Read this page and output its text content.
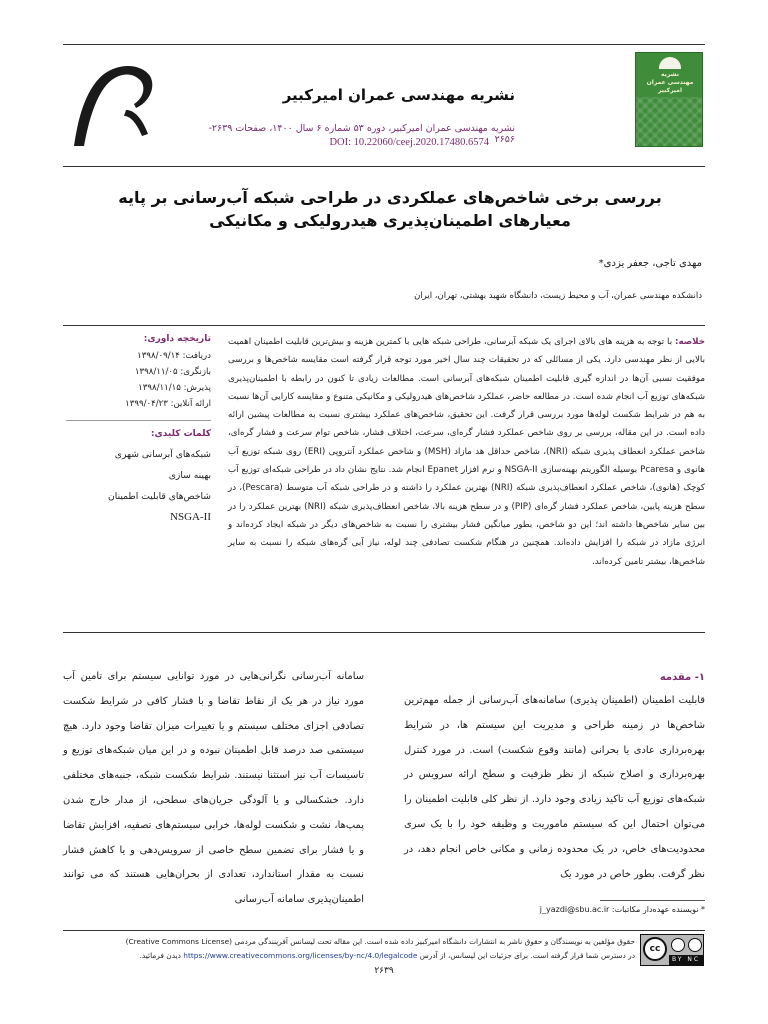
نشریه مهندسی عمران امیرکبیر
نشریه مهندسی عمران امیرکبیر، دوره ۵۳ شماره ۶ سال ۱۴۰۰، صفحات ۲۶۳۹- ۲۶۵۶
DOI: 10.22060/ceej.2020.17480.6574
نشریه
مهندسی عمران
امیرکبیر
بررسی برخی شاخص‌های عملکردی در طراحی شبکه آب‌رسانی بر پایه معیارهای اطمینان‌پذیری هیدرولیکی و مکانیکی
مهدی تاجی، جعفر یزدی*
دانشکده مهندسی عمران، آب و محیط زیست، دانشگاه شهید بهشتی، تهران، ایران
تاریخچه داوری:
دریافت: ۱۳۹۸/۰۹/۱۴
بازنگری: ۱۳۹۸/۱۱/۰۵
پذیرش: ۱۳۹۸/۱۱/۱۵
ارائه آنلاین: ۱۳۹۹/۰۴/۲۳
کلمات کلیدی:
شبکه‌های آبرسانی شهری
بهینه سازی
شاخص‌های قابلیت اطمینان
NSGA-II
خلاصه: با توجه به هزینه های بالای اجرای یک شبکه آبرسانی، طراحی شبکه هایی با کمترین هزینه و بیش‌ترین قابلیت اطمینان اهمیت بالایی از نظر مهندسی دارد. یکی از مسائلی که در تحقیقات چند سال اخیر مورد توجه قرار گرفته است مقایسه شاخص‌ها و بررسی موفقیت نسبی آن‌ها در اندازه گیری قابلیت اطمینان شبکه‌های آبرسانی است. مطالعات زیادی تا کنون در رابطه با اطمینان‌پذیری شبکه‌های توزیع آب انجام شده است. در مطالعه حاضر، عملکرد شاخص‌های هیدرولیکی و مکانیکی متنوع و مقایسه کارایی آن‌ها نسبت به هم در شرایط شکست لوله‌ها مورد بررسی قرار گرفت. این تحقیق، شاخص‌های عملکرد بیشتری نسبت به مطالعات پیشین ارائه داده است. در این مقاله، بررسی بر روی شاخص عملکرد فشار گره‌ای، سرعت، اختلاف فشار، شاخص توام سرعت و فشار گره‌ای، شاخص عملکرد انعطاف پذیری شبکه (NRI)، شاخص حداقل هد مازاد (MSH) و شاخص عملکرد آنتروپی (ERI) روی شبکه توزیع آب هانوی و Pcaresa بوسیله الگوریتم بهینه‌سازی NSGA-II و نرم افزار Epanet انجام شد. نتایج نشان داد در طراحی شبکه‌ای توزیع آب کوچک (هانوی)، شاخص عملکرد انعطاف‌پذیری شبکه (NRI) بهترین عملکرد را داشته و در طراحی شبکه آب متوسط (Pescara)، در سطح هزینه پایین، شاخص عملکرد فشار گره‌ای (PIP) و در سطح هزینه بالا، شاخص انعطاف‌پذیری شبکه (NRI) بهترین عملکرد را در بین سایر شاخص‌ها داشته اند؛ این دو شاخص، بطور میانگین فشار بیشتری را نسبت به شاخص‌های دیگر در شبکه ایجاد کرده‌اند و انرژی مازاد در شبکه را افزایش داده‌اند. همچنین در هنگام شکست تصادفی چند لوله، نیاز آبی گره‌های شبکه را نسبت به سایر شاخص‌ها، بیشتر تامین کرده‌اند.
۱- مقدمه
قابلیت اطمینان (اطمینان پذیری) سامانه‌های آب‌رسانی از جمله مهم‌ترین شاخص‌ها در زمینه طراحی و مدیریت این سیستم ها، در شرایط بهره‌برداری عادی یا بحرانی (مانند وقوع شکست) است. در مورد کنترل بهره‌برداری و اصلاح شبکه از نظر ظرفیت و سطح ارائه سرویس در شبکه‌های توزیع آب تاکید زیادی وجود دارد. از نظر کلی قابلیت اطمینان را می‌توان احتمال این که سیستم ماموریت و وظیفه خود را با یک سری محدودیت‌های خاص، در یک محدوده زمانی و مکانی خاص انجام دهد، در نظر گرفت. بطور خاص در مورد یک
سامانه آب‌رسانی نگرانی‌هایی در مورد توانایی سیستم برای تامین آب مورد نیاز در هر یک از نقاط تقاضا و با فشار کافی در شرایط شکست تصادفی اجزای مختلف سیستم و یا تغییرات میزان تقاضا وجود دارد. هیچ سیستمی صد درصد قابل اطمینان نبوده و در این میان شبکه‌های توزیع و تاسیسات آب نیز استثنا نیستند. شرایط شکست شبکه، جنبه‌های مختلفی دارد. خشکسالی و یا آلودگی جریان‌های سطحی، از مدار خارج شدن پمپ‌ها، نشت و شکست لوله‌ها، خرابی سیستم‌های تصفیه، افزایش تقاضا و یا فشار برای تضمین سطح خاصی از سرویس‌دهی و یا کاهش فشار نسبت به مقدار استاندارد، تعدادی از بحران‌هایی هستند که می توانند اطمینان‌پذیری سامانه آب‌رسانی
* نویسنده عهده‌دار مکاتبات: j_yazdi@sbu.ac.ir
cc
BY NC
حقوق مؤلفین به نویسندگان و حقوق ناشر به انتشارات دانشگاه امیرکبیر داده شده است. این مقاله تحت لیسانس آفرینندگی مردمی (Creative Commons License)
در دسترس شما قرار گرفته است. برای جزئیات این لیسانس، از آدرس https://www.creativecommons.org/licenses/by-nc/4.0/legalcode دیدن فرمائید.
۲۶۳۹
